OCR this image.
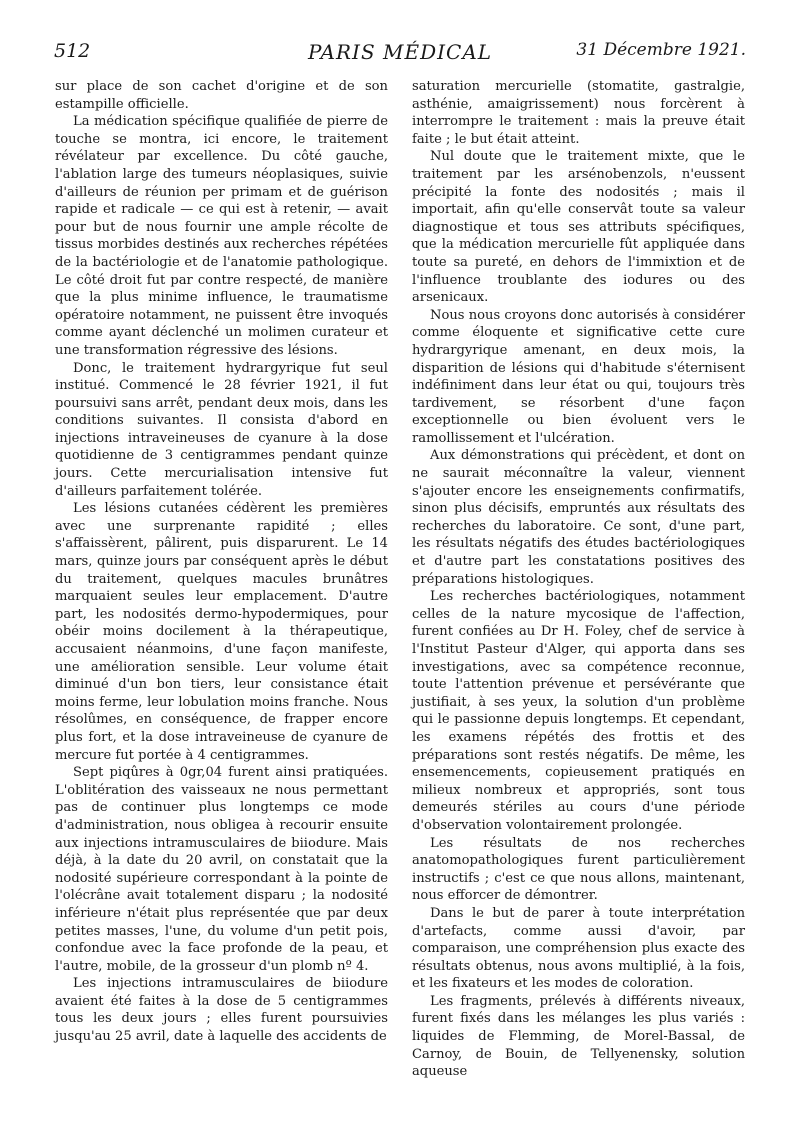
512	PARIS MÉDICAL	31 Décembre 1921.

sur place de son cachet d'origine et de son estampille officielle.

La médication spécifique qualifiée de pierre de touche se montra, ici encore, le traitement révélateur par excellence. Du côté gauche, l'ablation large des tumeurs néoplasiques, suivie d'ailleurs de réunion per primam et de guérison rapide et radicale — ce qui est à retenir, — avait pour but de nous fournir une ample récolte de tissus morbides destinés aux recherches répétées de la bactériologie et de l'anatomie pathologique. Le côté droit fut par contre respecté, de manière que la plus minime influence, le traumatisme opératoire notamment, ne puissent être invoqués comme ayant déclenché un molimen curateur et une transformation régressive des lésions.

Donc, le traitement hydrargyrique fut seul institué. Commencé le 28 février 1921, il fut poursuivi sans arrêt, pendant deux mois, dans les conditions suivantes. Il consista d'abord en injections intraveineuses de cyanure à la dose quotidienne de 3 centigrammes pendant quinze jours. Cette mercurialisation intensive fut d'ailleurs parfaitement tolérée.

Les lésions cutanées cédèrent les premières avec une surprenante rapidité ; elles s'affaissèrent, pâlirent, puis disparurent. Le 14 mars, quinze jours par conséquent après le début du traitement, quelques macules brunâtres marquaient seules leur emplacement. D'autre part, les nodosités dermo-hypodermiques, pour obéir moins docilement à la thérapeutique, accusaient néanmoins, d'une façon manifeste, une amélioration sensible. Leur volume était diminué d'un bon tiers, leur consistance était moins ferme, leur lobulation moins franche. Nous résolûmes, en conséquence, de frapper encore plus fort, et la dose intraveineuse de cyanure de mercure fut portée à 4 centigrammes.

Sept piqûres à 0gr,04 furent ainsi pratiquées. L'oblitération des vaisseaux ne nous permettant pas de continuer plus longtemps ce mode d'administration, nous obligea à recourir ensuite aux injections intramusculaires de biiodure. Mais déjà, à la date du 20 avril, on constatait que la nodosité supérieure correspondant à la pointe de l'olécrâne avait totalement disparu ; la nodosité inférieure n'était plus représentée que par deux petites masses, l'une, du volume d'un petit pois, confondue avec la face profonde de la peau, et l'autre, mobile, de la grosseur d'un plomb nº 4.

Les injections intramusculaires de biiodure avaient été faites à la dose de 5 centigrammes tous les deux jours ; elles furent poursuivies jusqu'au 25 avril, date à laquelle des accidents de

saturation mercurielle (stomatite, gastralgie, asthénie, amaigrissement) nous forcèrent à interrompre le traitement : mais la preuve était faite ; le but était atteint.

Nul doute que le traitement mixte, que le traitement par les arsénobenzols, n'eussent précipité la fonte des nodosités ; mais il importait, afin qu'elle conservât toute sa valeur diagnostique et tous ses attributs spécifiques, que la médication mercurielle fût appliquée dans toute sa pureté, en dehors de l'immixtion et de l'influence troublante des iodures ou des arsenicaux.

Nous nous croyons donc autorisés à considérer comme éloquente et significative cette cure hydrargyrique amenant, en deux mois, la disparition de lésions qui d'habitude s'éternisent indéfiniment dans leur état ou qui, toujours très tardivement, se résorbent d'une façon exceptionnelle ou bien évoluent vers le ramollissement et l'ulcération.

Aux démonstrations qui précèdent, et dont on ne saurait méconnaître la valeur, viennent s'ajouter encore les enseignements confirmatifs, sinon plus décisifs, empruntés aux résultats des recherches du laboratoire. Ce sont, d'une part, les résultats négatifs des études bactériologiques et d'autre part les constatations positives des préparations histologiques.

Les recherches bactériologiques, notamment celles de la nature mycosique de l'affection, furent confiées au Dr H. Foley, chef de service à l'Institut Pasteur d'Alger, qui apporta dans ses investigations, avec sa compétence reconnue, toute l'attention prévenue et persévérante que justifiait, à ses yeux, la solution d'un problème qui le passionne depuis longtemps. Et cependant, les examens répétés des frottis et des préparations sont restés négatifs. De même, les ensemencements, copieusement pratiqués en milieux nombreux et appropriés, sont tous demeurés stériles au cours d'une période d'observation volontairement prolongée.

Les résultats de nos recherches anatomopathologiques furent particulièrement instructifs ; c'est ce que nous allons, maintenant, nous efforcer de démontrer.

Dans le but de parer à toute interprétation d'artefacts, comme aussi d'avoir, par comparaison, une compréhension plus exacte des résultats obtenus, nous avons multiplié, à la fois, et les fixateurs et les modes de coloration.

Les fragments, prélevés à différents niveaux, furent fixés dans les mélanges les plus variés : liquides de Flemming, de Morel-Bassal, de Carnoy, de Bouin, de Tellyenensky, solution aqueuse
